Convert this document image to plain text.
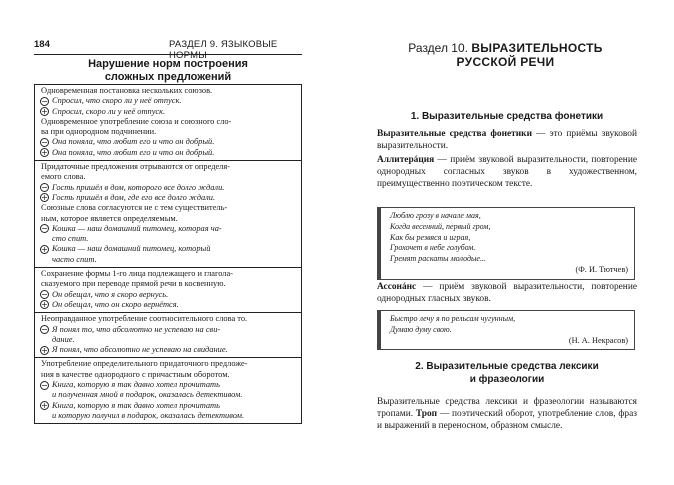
184	РАЗДЕЛ 9. ЯЗЫКОВЫЕ НОРМЫ
Нарушение норм построения
сложных предложений
Одновременная постановка нескольких союзов.
− Спросил, что скоро ли у неё отпуск.
+ Спросил, скоро ли у неё отпуск.
Одновременное употребление союза и союзного сло-
ва при однородном подчинении.
− Она поняла, что любит его и что он добрый.
+ Она поняла, что любит его и что он добрый.
Придаточные предложения отрываются от определя-
емого слова.
− Гость пришёл в дом, которого все долго ждали.
+ Гость пришёл в дом, где его все долго ждали.
Союзные слова согласуются не с тем существитель-
ным, которое является определяемым.
− Кошка — наш домашний питомец, которая ча-
сто спит.
+ Кошка — наш домашний питомец, который
часто спит.
Сохранение формы 1-го лица подлежащего и глагола-
сказуемого при переводе прямой речи в косвенную.
− Он обещал, что я скоро вернусь.
+ Он обещал, что он скоро вернётся.
Неоправданное употребление соотносительного слова то.
− Я понял то, что абсолютно не успеваю на сви-
дание.
+ Я понял, что абсолютно не успеваю на свидание.
Употребление определительного придаточного предложе-
ния в качестве однородного с причастным оборотом.
− Книга, которую я так давно хотел прочитать
и полученная мной в подарок, оказалась детективом.
+ Книга, которую я так давно хотел прочитать
и которую получил в подарок, оказалась детективом.
Раздел 10. ВЫРАЗИТЕЛЬНОСТЬ
РУССКОЙ РЕЧИ
1. Выразительные средства фонетики
Выразительные средства фонетики — это приёмы звуковой выразительности.
Аллитерáция — приём звуковой выразительности, повторение однородных согласных звуков в художественном, преимущественно поэтическом тексте.
Люблю грозу в начале мая,
Когда весенний, первый гром,
Как бы резвяся и играя,
Грохочет в небе голубом.
Гремят раскаты молодые...
(Ф. И. Тютчев)
Ассонáнс — приём звуковой выразительности, повторение однородных гласных звуков.
Быстро лечу я по рельсам чугунным,
Думаю думу свою.
(Н. А. Некрасов)
2. Выразительные средства лексики
и фразеологии
Выразительные средства лексики и фразеологии называются тропами. Троп — поэтический оборот, употребление слов, фраз и выражений в переносном, образном смысле.
